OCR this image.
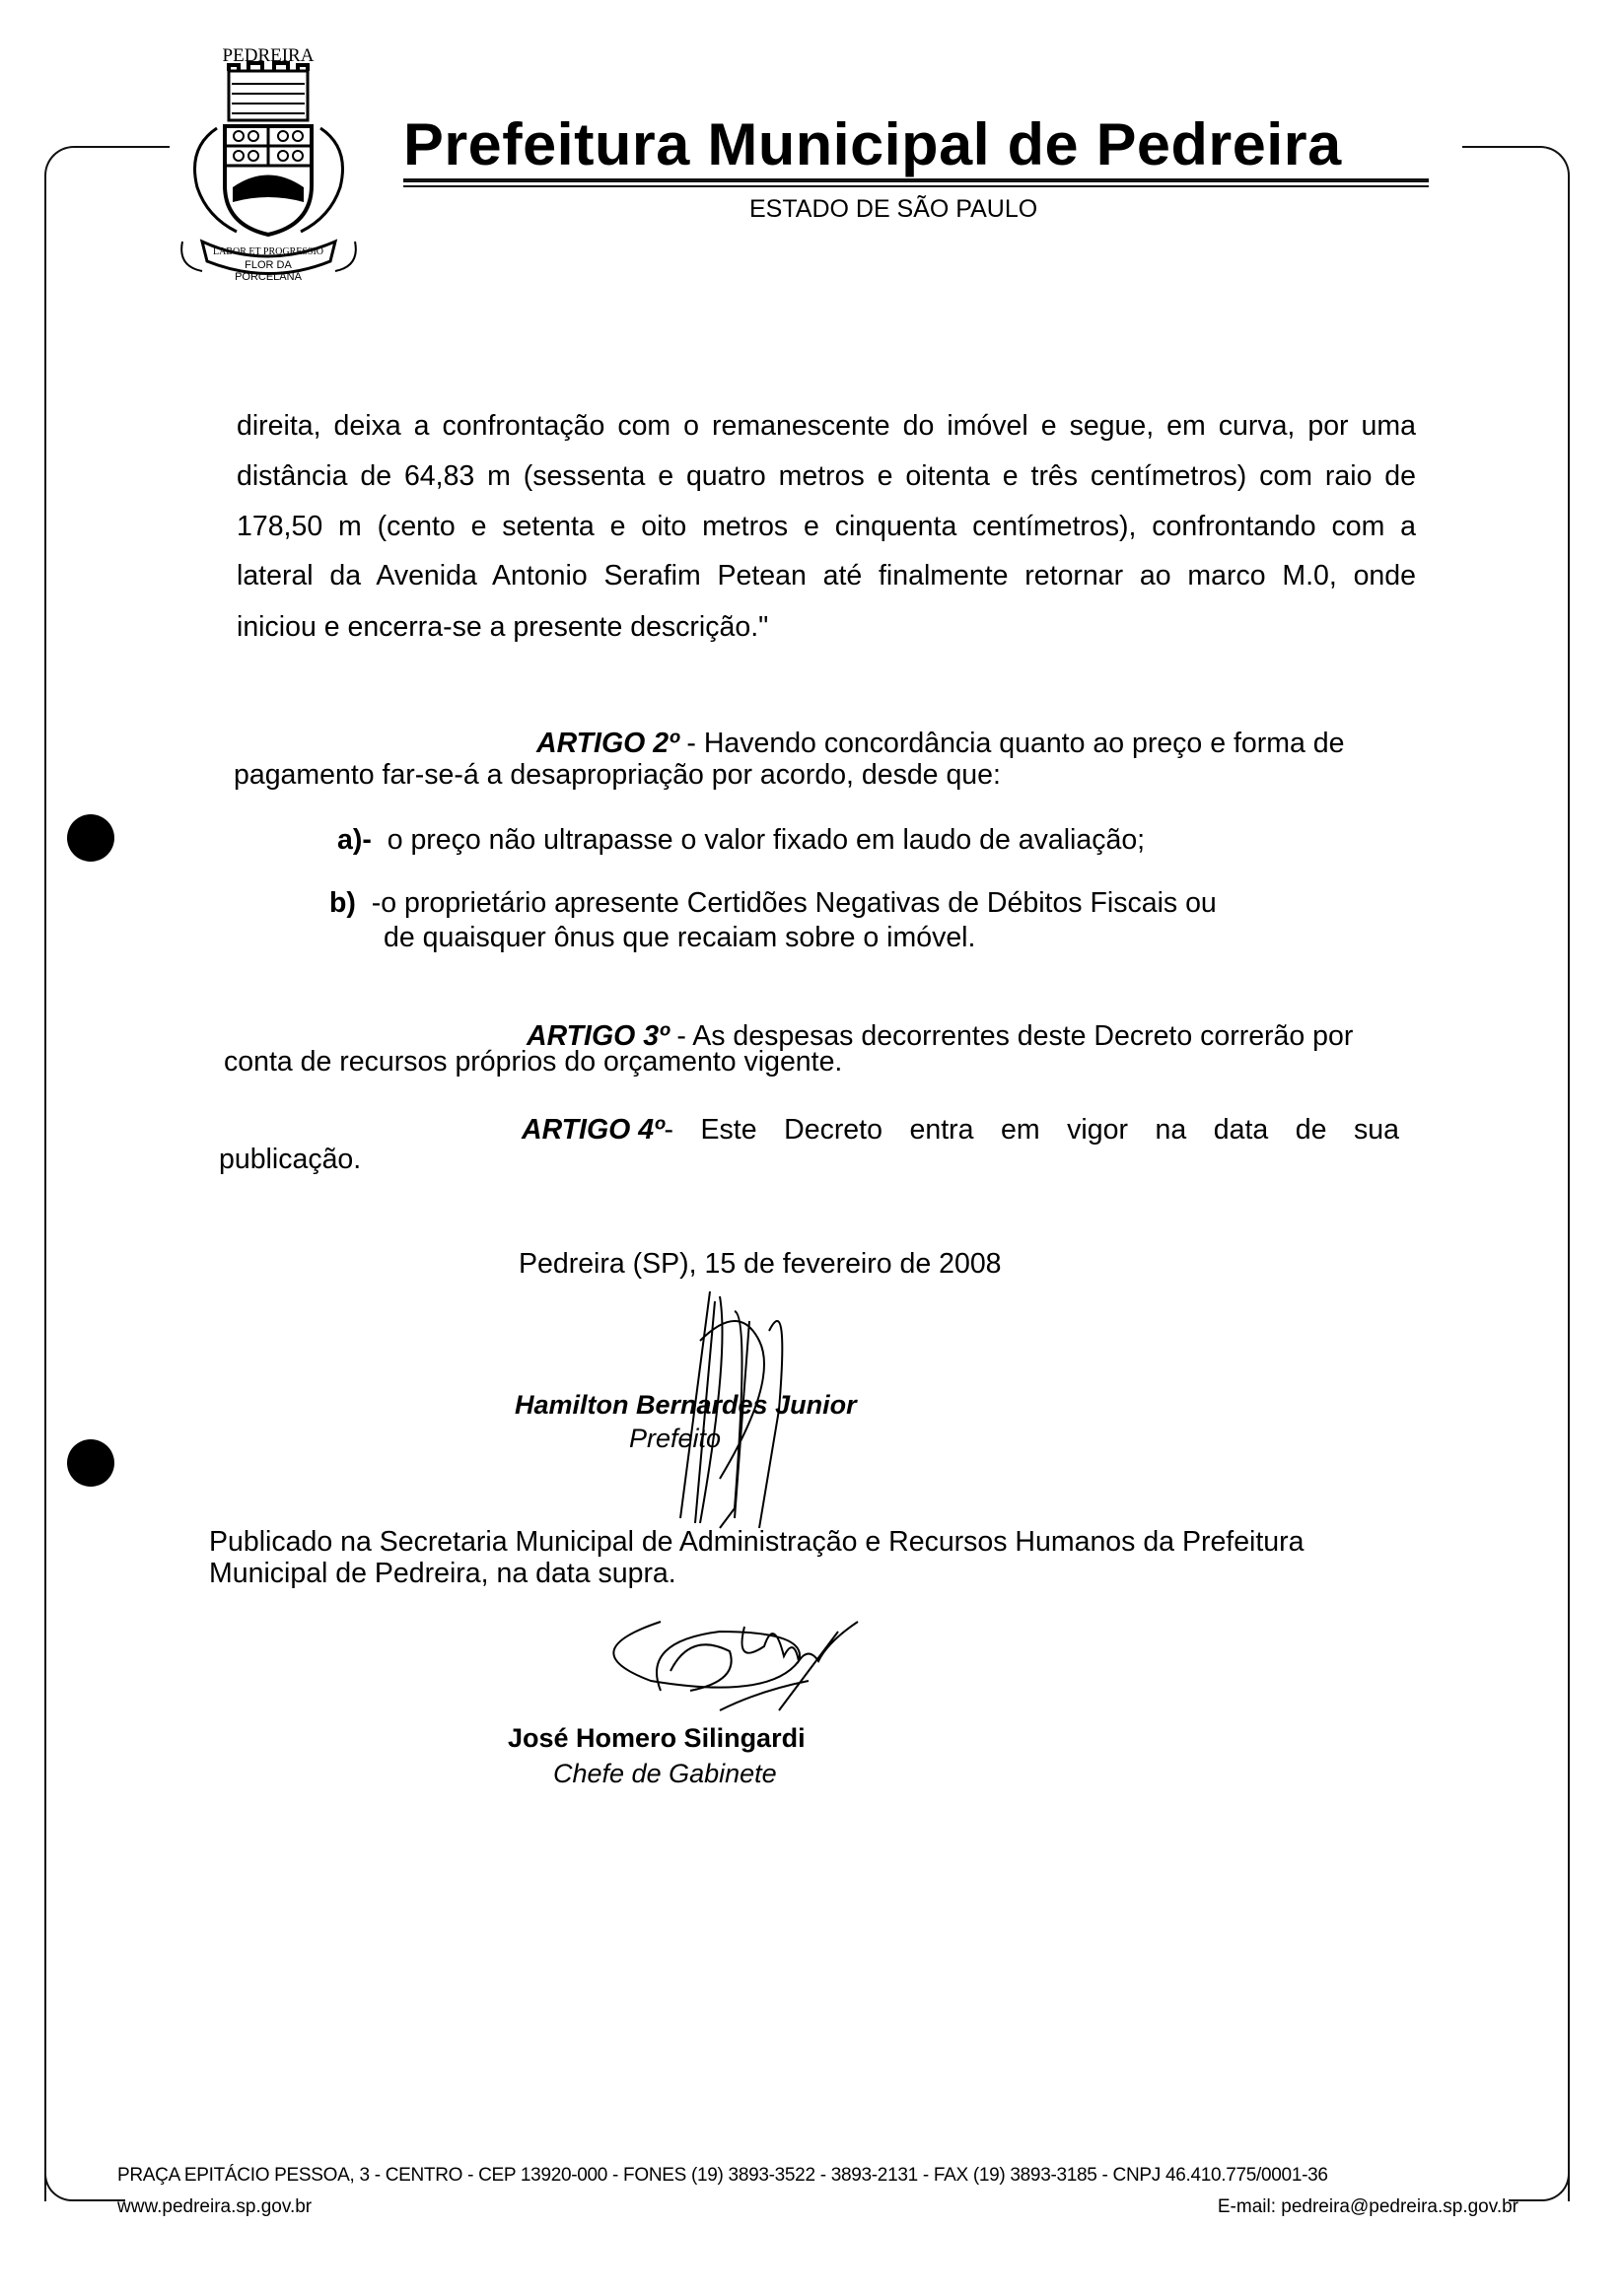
PEDREIRA
LABOR ET PROGRESSIO
FLOR DA
PORCELANA
Prefeitura Municipal de Pedreira
ESTADO DE SÃO PAULO
direita, deixa a confrontação com o remanescente do imóvel e segue, em curva, por uma
distância de 64,83 m (sessenta e quatro metros e oitenta e três centímetros) com raio de
178,50 m (cento e setenta e oito metros e cinquenta centímetros), confrontando com a
lateral da Avenida Antonio Serafim Petean até finalmente retornar ao marco M.0, onde
iniciou e encerra-se a presente descrição."
ARTIGO 2º - Havendo concordância quanto ao preço e forma de
pagamento far-se-á a desapropriação por acordo, desde que:
a)- o preço não ultrapasse o valor fixado em laudo de avaliação;
b) -o proprietário apresente Certidões Negativas de Débitos Fiscais ou
de quaisquer ônus que recaiam sobre o imóvel.
ARTIGO 3º - As despesas decorrentes deste Decreto correrão por
conta de recursos próprios do orçamento vigente.
ARTIGO 4º - Este Decreto entra em vigor na data de sua
publicação.
Pedreira (SP), 15 de fevereiro de 2008
Hamilton Bernardes Junior
Prefeito
Publicado na Secretaria Municipal de Administração e Recursos Humanos da Prefeitura
Municipal de Pedreira, na data supra.
José Homero Silingardi
Chefe de Gabinete
PRAÇA EPITÁCIO PESSOA, 3 - CENTRO - CEP 13920-000 - FONES (19) 3893-3522 - 3893-2131 - FAX (19) 3893-3185 - CNPJ 46.410.775/0001-36
www.pedreira.sp.gov.br	E-mail: pedreira@pedreira.sp.gov.br
